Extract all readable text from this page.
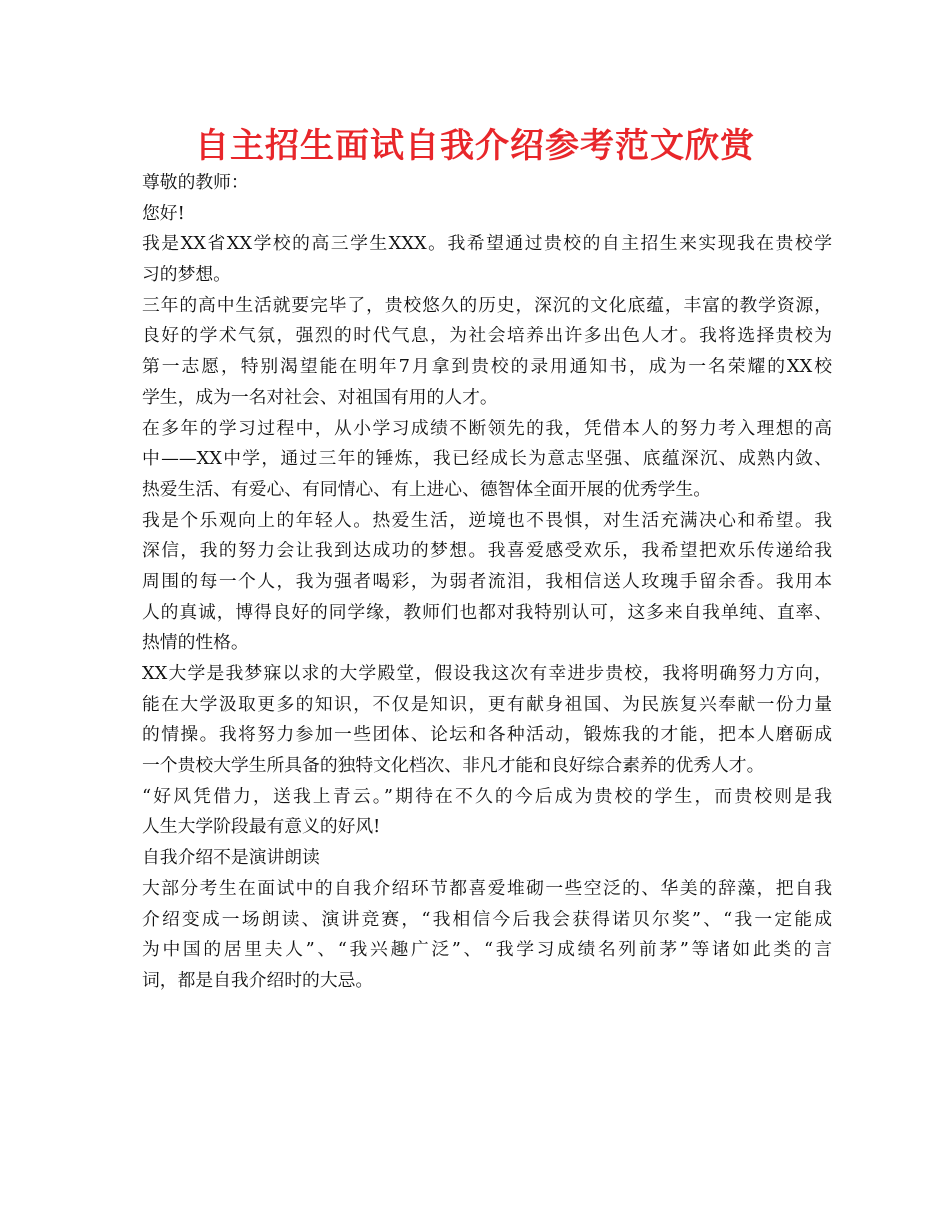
自主招生面试自我介绍参考范文欣赏
尊敬的教师：
您好!
我是XX省XX学校的高三学生XXX。我希望通过贵校的自主招生来实现我在贵校学
习的梦想。
三年的高中生活就要完毕了，贵校悠久的历史，深沉的文化底蕴，丰富的教学资源，
良好的学术气氛，强烈的时代气息，为社会培养出许多出色人才。我将选择贵校为
第一志愿，特别渴望能在明年7月拿到贵校的录用通知书，成为一名荣耀的XX校
学生，成为一名对社会、对祖国有用的人才。
在多年的学习过程中，从小学习成绩不断领先的我，凭借本人的努力考入理想的高
中——XX中学，通过三年的锤炼，我已经成长为意志坚强、底蕴深沉、成熟内敛、
热爱生活、有爱心、有同情心、有上进心、德智体全面开展的优秀学生。
我是个乐观向上的年轻人。热爱生活，逆境也不畏惧，对生活充满决心和希望。我
深信，我的努力会让我到达成功的梦想。我喜爱感受欢乐，我希望把欢乐传递给我
周围的每一个人，我为强者喝彩，为弱者流泪，我相信送人玫瑰手留余香。我用本
人的真诚，博得良好的同学缘，教师们也都对我特别认可，这多来自我单纯、直率、
热情的性格。
XX大学是我梦寐以求的大学殿堂，假设我这次有幸进步贵校，我将明确努力方向，
能在大学汲取更多的知识，不仅是知识，更有献身祖国、为民族复兴奉献一份力量
的情操。我将努力参加一些团体、论坛和各种活动，锻炼我的才能，把本人磨砺成
一个贵校大学生所具备的独特文化档次、非凡才能和良好综合素养的优秀人才。
“好风凭借力，送我上青云。”期待在不久的今后成为贵校的学生，而贵校则是我
人生大学阶段最有意义的好风!
自我介绍不是演讲朗读
大部分考生在面试中的自我介绍环节都喜爱堆砌一些空泛的、华美的辞藻，把自我
介绍变成一场朗读、演讲竞赛，“我相信今后我会获得诺贝尔奖”、“我一定能成
为中国的居里夫人”、“我兴趣广泛”、“我学习成绩名列前茅”等诸如此类的言
词，都是自我介绍时的大忌。
